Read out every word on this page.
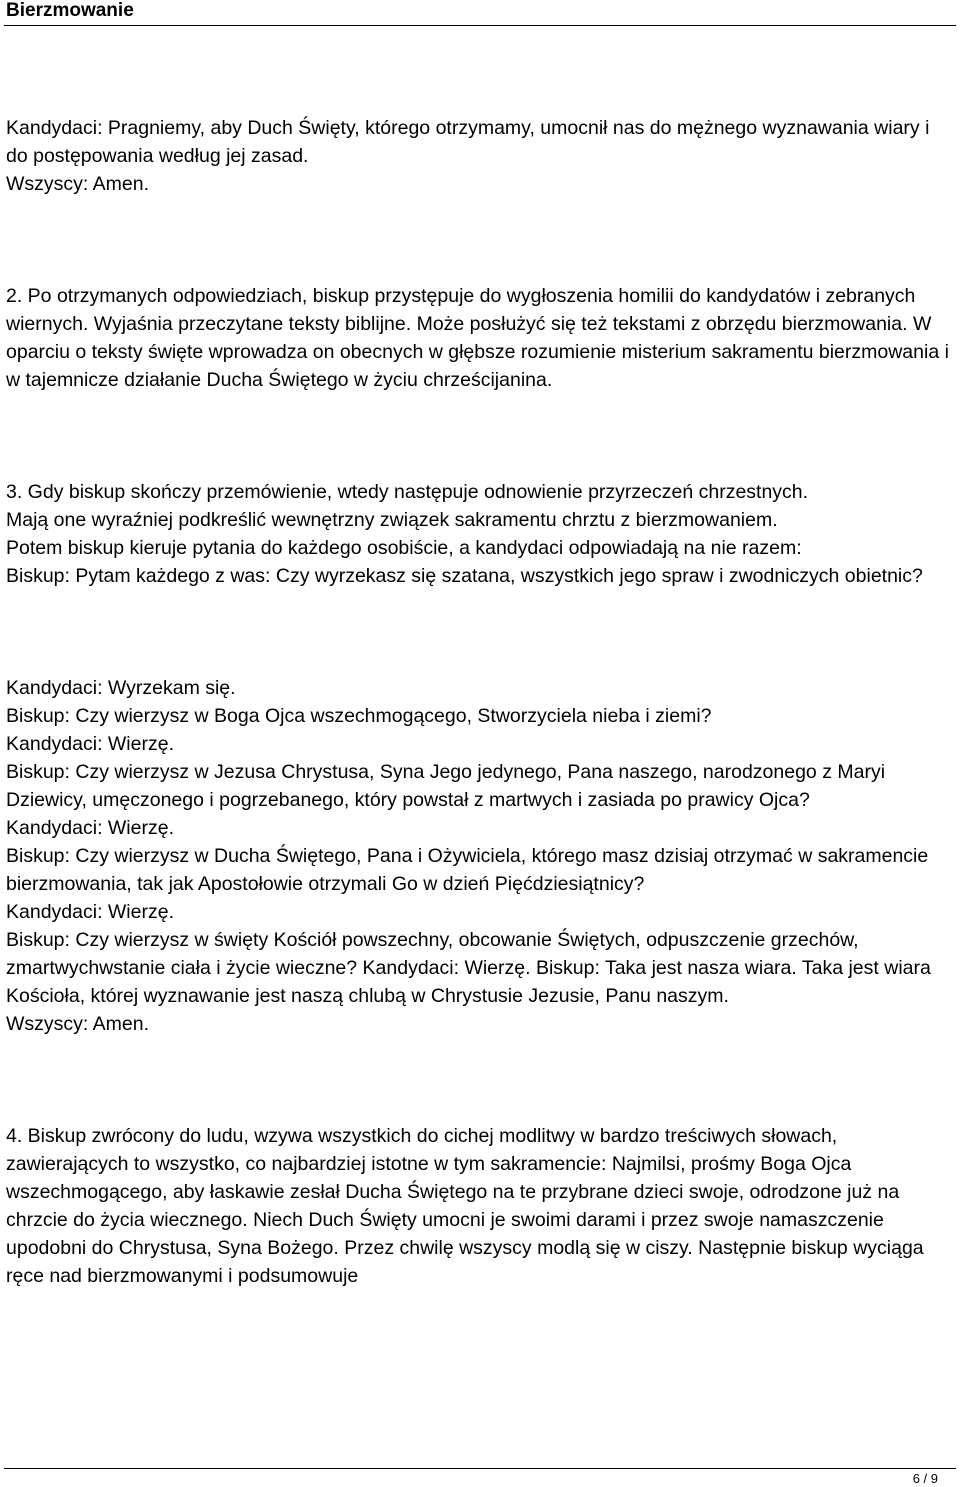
Bierzmowanie

Kandydaci: Pragniemy, aby Duch Święty, którego otrzymamy, umocnił nas do mężnego wyznawania wiary i do postępowania według jej zasad.

Wszyscy: Amen.

2. Po otrzymanych odpowiedziach, biskup przystępuje do wygłoszenia homilii do kandydatów i zebranych wiernych. Wyjaśnia przeczytane teksty biblijne. Może posłużyć się też tekstami z obrzędu bierzmowania. W oparciu o teksty święte wprowadza on obecnych w głębsze rozumienie misterium sakramentu bierzmowania i w tajemnicze działanie Ducha Świętego w życiu chrześcijanina.

3. Gdy biskup skończy przemówienie, wtedy następuje odnowienie przyrzeczeń chrzestnych.

Mają one wyraźniej podkreślić wewnętrzny związek sakramentu chrztu z bierzmowaniem.

Potem biskup kieruje pytania do każdego osobiście, a kandydaci odpowiadają na nie razem:

Biskup: Pytam każdego z was: Czy wyrzekasz się szatana, wszystkich jego spraw i zwodniczych obietnic?

Kandydaci: Wyrzekam się.

Biskup: Czy wierzysz w Boga Ojca wszechmogącego, Stworzyciela nieba i ziemi?

Kandydaci: Wierzę.

Biskup: Czy wierzysz w Jezusa Chrystusa, Syna Jego jedynego, Pana naszego, narodzonego z Maryi Dziewicy, umęczonego i pogrzebanego, który powstał z martwych i zasiada po prawicy Ojca?

Kandydaci: Wierzę.

Biskup: Czy wierzysz w Ducha Świętego, Pana i Ożywiciela, którego masz dzisiaj otrzymać w sakramencie bierzmowania, tak jak Apostołowie otrzymali Go w dzień Pięćdziesiątnicy?

Kandydaci: Wierzę.

Biskup: Czy wierzysz w święty Kościół powszechny, obcowanie Świętych, odpuszczenie grzechów, zmartwychwstanie ciała i życie wieczne? Kandydaci: Wierzę. Biskup: Taka jest nasza wiara. Taka jest wiara Kościoła, której wyznawanie jest naszą chlubą w Chrystusie Jezusie, Panu naszym.

Wszyscy: Amen.

4. Biskup zwrócony do ludu, wzywa wszystkich do cichej modlitwy w bardzo treściwych słowach, zawierających to wszystko, co najbardziej istotne w tym sakramencie: Najmilsi, prośmy Boga Ojca wszechmogącego, aby łaskawie zesłał Ducha Świętego na te przybrane dzieci swoje, odrodzone już na chrzcie do życia wiecznego. Niech Duch Święty umocni je swoimi darami i przez swoje namaszczenie upodobni do Chrystusa, Syna Bożego. Przez chwilę wszyscy modlą się w ciszy. Następnie biskup wyciąga ręce nad bierzmowanymi i podsumowuje

6 / 9
